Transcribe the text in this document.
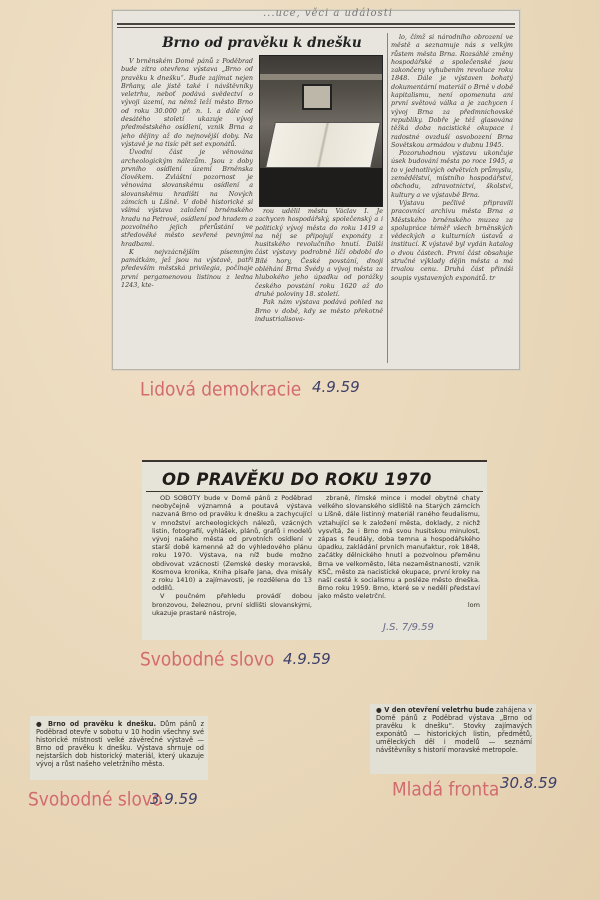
...uce, věci a události
Brno od pravěku k dnešku

V brněnském Domě pánů z Poděbrad bude zítra otevřena výstava „Brno od pravěku k dnešku“. Bude zajímat nejen Brňany, ale jistě také i návštěvníky veletrhu, neboť podává svědectví o vývoji území, na němž leží město Brno od roku 30.000 př. n. l. a dále od desátého století ukazuje vývoj předměstského osídlení, vznik Brna a jeho dějiny až do nejnovější doby. Na výstavě je na tisíc pět set exponátů.

Úvodní část je věnována archeologickým nálezům. Jsou z doby prvního osídlení území Brněnska člověkem. Zvláštní pozornost je věnována slovanskému osídlení a slovanskému hradišti na Nových zámcích u Líšně. V době historické si všímá výstava založení brněnského hradu na Petrově, osídlení pod hradem a pozvolného jejich přerůstání ve středověké město sevřené pevnými hradbami.

K nejvzácnějším písemným památkám, jež jsou na výstavě, patří především městská privilegia, počínaje první pergamenovou listinou z ledna 1243, kte-

rou udělil městu Václav I. Je zachycen hospodářský, společenský a i politický vývoj města do roku 1419 a na něj se připojují exponáty z husitského revolučního hnutí. Další část výstavy podrobně líčí období do Bílé hory, České povstání, dnoji obléhání Brna Švédy a vývoj města za hlubokého jeho úpadku od porážky českého povstání roku 1620 až do druhé poloviny 18. století.

Pak nám výstava podává pohled na Brno v době, kdy se město překotně industrialisova-

lo, čímž si národního obrození ve městě a seznamuje nás s velkým růstem města Brna. Rozsáhlé změny hospodářské a společenské jsou zakončeny vyhubením revoluce roku 1848. Dále je výstaven bohatý dokumentární materiál o Brně v době kapitalismu, není opomenuta ani první světová válka a je zachycen i vývoj Brna za předmnichovské republiky. Dobře je též glasována těžká doba nacistické okupace i radostné ovzduší osvobození Brna Sovětskou armádou v dubnu 1945.

Pozoruhodnou výstavu ukončuje úsek budování města po roce 1945, a to v jednotlivých odvětvích průmyslu, zemědělství, místního hospodářství, obchodu, zdravotnictví, školství, kultury a ve výstavbě Brna.

Výstavu pečlivě připravili pracovníci archivu města Brna a Městského brněnského muzea za spolupráce téměř všech brněnských vědeckých a kulturních ústavů a institucí. K výstavě byl vydán katalog o dvou částech. První část obsahuje stručné výklady dějin města a má trvalou cenu. Druhá část přináší soupis vystavených exponátů. tr

Lidová demokracie 4.9.59
OD PRAVĚKU DO ROKU 1970

OD SOBOTY bude v Domě pánů z Poděbrad neobyčejně významná a poutavá výstava nazvaná Brno od pravěku k dnešku a zachycující v množství archeologických nálezů, vzácných listin, fotografií, vyhlášek, plánů, grafů i modelů vývoj našeho města od prvotních osídlení v starší době kamenné až do výhledového plánu roku 1970. Výstava, na níž bude možno obdivovat vzácnosti (Zemské desky moravské, Kosmova kronika, Kniha písaře Jana, dva misály z roku 1410) a zajímavosti, je rozdělena do 13 oddílů.

V poučném přehledu provádí dobou bronzovou, železnou, první sídlišti slovanskými, ukazuje prastaré nástroje,

zbraně, římské mince i model obytné chaty velkého slovanského sídliště na Starých zámcích u Líšně, dále listinný materiál raného feudalismu, vztahující se k založení města, doklady, z nichž vysvítá, že i Brno má svou husitskou minulost, zápas s feudály, doba temna a hospodářského úpadku, zakládání prvních manufaktur, rok 1848, začátky dělnického hnutí a pozvolnou přeměnu Brna ve velkoměsto, léta nezaměstnanosti, vznik KSČ, město za nacistické okupace, první kroky na naší cestě k socialismu a posléze město dneška. Brno roku 1959. Brno, které se v nedělí představí jako město veletrční.

lom

J.S. 7/9.59
Svobodné slovo 4.9.59
● Brno od pravěku k dnešku. Dům pánů z Poděbrad otevře v sobotu v 10 hodin všechny své historické místnosti velké závěrečné výstavě — Brno od pravěku k dnešku. Výstava shrnuje od nejstarších dob historický materiál, který ukazuje vývoj a růst našeho veletržního města.
Svobodné slovo
3.9.59
● V den otevření veletrhu bude zahájena v Domě pánů z Poděbrad výstava „Brno od pravěku k dnešku“. Stovky zajímavých exponátů — historických listin, předmětů, uměleckých děl i modelů — seznámí návštěvníky s historií moravské metropole.
Mladá fronta 30.8.59
